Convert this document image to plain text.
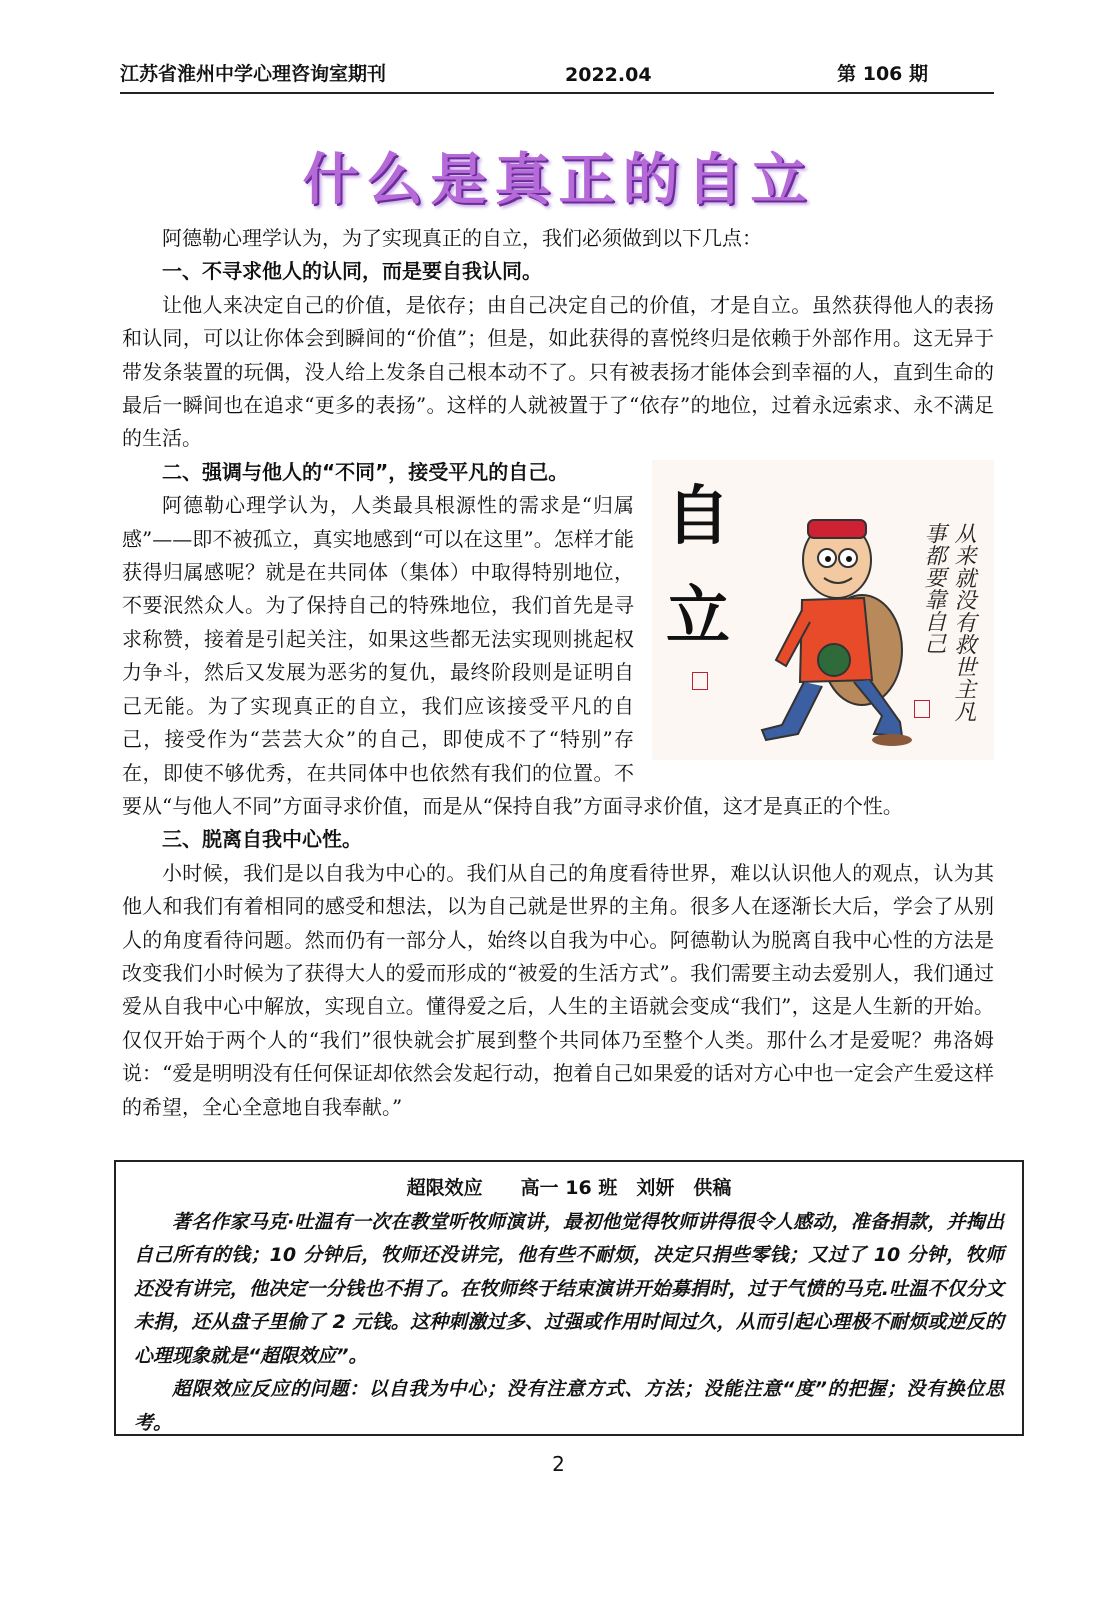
江苏省淮州中学心理咨询室期刊	2022.04	第 106 期
什么是真正的自立

阿德勒心理学认为，为了实现真正的自立，我们必须做到以下几点：

一、不寻求他人的认同，而是要自我认同。

让他人来决定自己的价值，是依存；由自己决定自己的价值，才是自立。虽然获得他人的表扬和认同，可以让你体会到瞬间的“价值”；但是，如此获得的喜悦终归是依赖于外部作用。这无异于带发条装置的玩偶，没人给上发条自己根本动不了。只有被表扬才能体会到幸福的人，直到生命的最后一瞬间也在追求“更多的表扬”。这样的人就被置于了“依存”的地位，过着永远索求、永不满足的生活。

自
立	从来就没有救世主凡事都要靠自己

二、强调与他人的“不同”，接受平凡的自己。

阿德勒心理学认为，人类最具根源性的需求是“归属感”——即不被孤立，真实地感到“可以在这里”。怎样才能获得归属感呢？就是在共同体（集体）中取得特别地位，不要泯然众人。为了保持自己的特殊地位，我们首先是寻求称赞，接着是引起关注，如果这些都无法实现则挑起权力争斗，然后又发展为恶劣的复仇，最终阶段则是证明自己无能。为了实现真正的自立，我们应该接受平凡的自己，接受作为“芸芸大众”的自己，即使成不了“特别”存在，即使不够优秀，在共同体中也依然有我们的位置。不要从“与他人不同”方面寻求价值，而是从“保持自我”方面寻求价值，这才是真正的个性。

三、脱离自我中心性。

小时候，我们是以自我为中心的。我们从自己的角度看待世界，难以认识他人的观点，认为其他人和我们有着相同的感受和想法，以为自己就是世界的主角。很多人在逐渐长大后，学会了从别人的角度看待问题。然而仍有一部分人，始终以自我为中心。阿德勒认为脱离自我中心性的方法是改变我们小时候为了获得大人的爱而形成的“被爱的生活方式”。我们需要主动去爱别人，我们通过爱从自我中心中解放，实现自立。懂得爱之后，人生的主语就会变成“我们”，这是人生新的开始。仅仅开始于两个人的“我们”很快就会扩展到整个共同体乃至整个人类。那什么才是爱呢？弗洛姆说：“爱是明明没有任何保证却依然会发起行动，抱着自己如果爱的话对方心中也一定会产生爱这样的希望，全心全意地自我奉献。”

超限效应　　高一 16 班　刘妍　供稿

著名作家马克·吐温有一次在教堂听牧师演讲，最初他觉得牧师讲得很令人感动，准备捐款，并掏出自己所有的钱；10 分钟后，牧师还没讲完，他有些不耐烦，决定只捐些零钱；又过了 10 分钟，牧师还没有讲完，他决定一分钱也不捐了。在牧师终于结束演讲开始募捐时，过于气愤的马克.吐温不仅分文未捐，还从盘子里偷了 2 元钱。这种刺激过多、过强或作用时间过久，从而引起心理极不耐烦或逆反的心理现象就是“超限效应”。

超限效应反应的问题：以自我为中心；没有注意方式、方法；没能注意“度”的把握；没有换位思考。

2
